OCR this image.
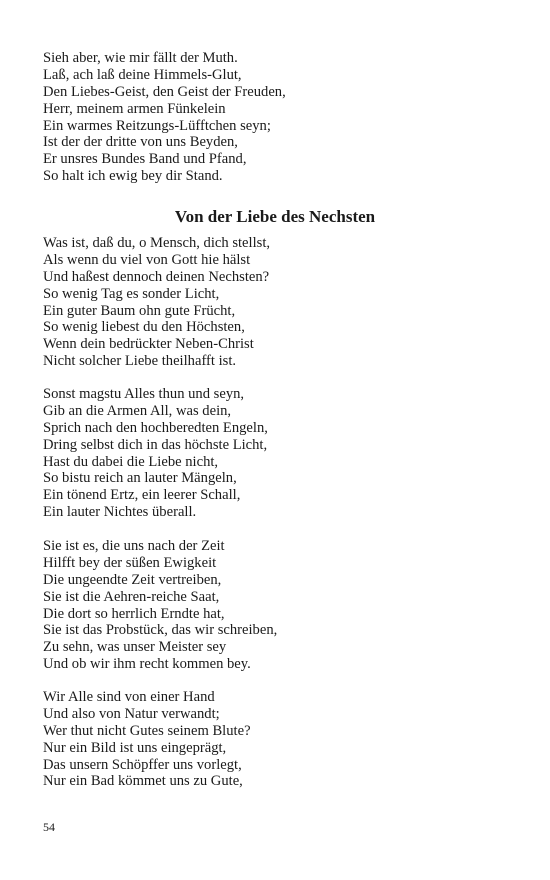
Sieh aber, wie mir fällt der Muth.
Laß, ach laß deine Himmels-Glut,
Den Liebes-Geist, den Geist der Freuden,
Herr, meinem armen Fünkelein
Ein warmes Reitzungs-Lüfftchen seyn;
Ist der der dritte von uns Beyden,
Er unsres Bundes Band und Pfand,
So halt ich ewig bey dir Stand.
Von der Liebe des Nechsten
Was ist, daß du, o Mensch, dich stellst,
Als wenn du viel von Gott hie hälst
Und haßest dennoch deinen Nechsten?
So wenig Tag es sonder Licht,
Ein guter Baum ohn gute Frücht,
So wenig liebest du den Höchsten,
Wenn dein bedrückter Neben-Christ
Nicht solcher Liebe theilhafft ist.
Sonst magstu Alles thun und seyn,
Gib an die Armen All, was dein,
Sprich nach den hochberedten Engeln,
Dring selbst dich in das höchste Licht,
Hast du dabei die Liebe nicht,
So bistu reich an lauter Mängeln,
Ein tönend Ertz, ein leerer Schall,
Ein lauter Nichtes überall.
Sie ist es, die uns nach der Zeit
Hilfft bey der süßen Ewigkeit
Die ungeendte Zeit vertreiben,
Sie ist die Aehren-reiche Saat,
Die dort so herrlich Erndte hat,
Sie ist das Probstück, das wir schreiben,
Zu sehn, was unser Meister sey
Und ob wir ihm recht kommen bey.
Wir Alle sind von einer Hand
Und also von Natur verwandt;
Wer thut nicht Gutes seinem Blute?
Nur ein Bild ist uns eingeprägt,
Das unsern Schöpffer uns vorlegt,
Nur ein Bad kömmet uns zu Gute,
54
